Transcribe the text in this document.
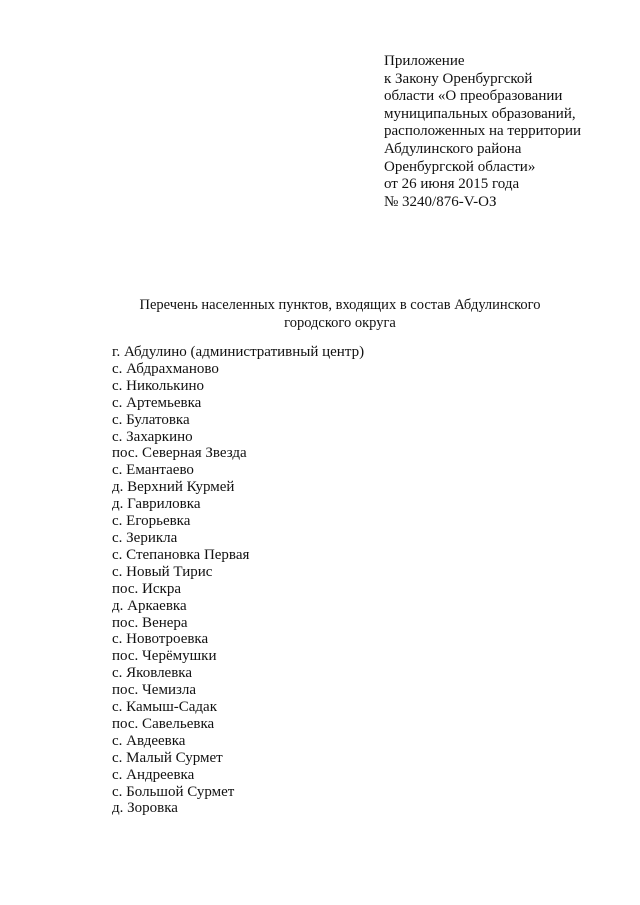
Приложение
к Закону Оренбургской
области «О преобразовании
муниципальных образований,
расположенных на территории
Абдулинского района
Оренбургской области»
от 26 июня 2015 года
№ 3240/876-V-ОЗ
Перечень населенных пунктов, входящих в состав Абдулинского
городского округа
г. Абдулино (административный центр)
с. Абдрахманово
с. Николькино
с. Артемьевка
с. Булатовка
с. Захаркино
пос. Северная Звезда
с. Емантаево
д. Верхний Курмей
д. Гавриловка
с. Егорьевка
с. Зерикла
с. Степановка Первая
с. Новый Тирис
пос. Искра
д. Аркаевка
пос. Венера
с. Новотроевка
пос. Черёмушки
с. Яковлевка
пос. Чемизла
с. Камыш-Садак
пос. Савельевка
с. Авдеевка
с. Малый Сурмет
с. Андреевка
с. Большой Сурмет
д. Зоровка
